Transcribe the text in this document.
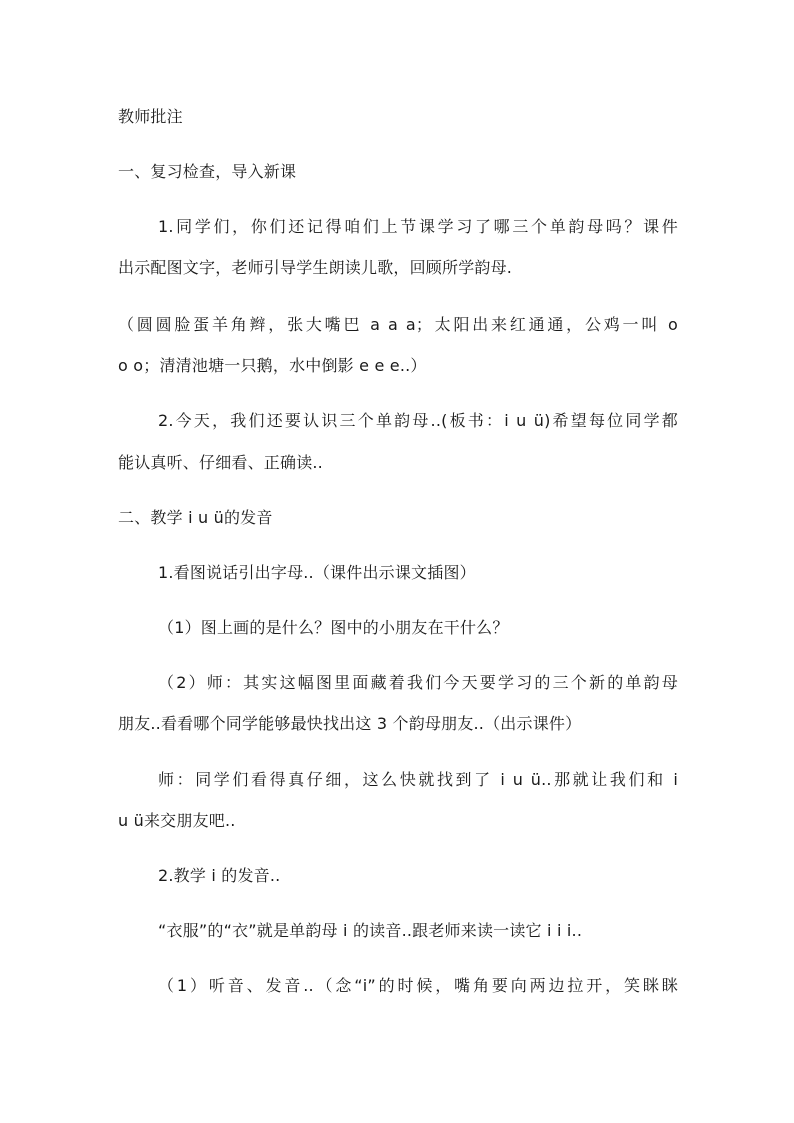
教师批注
一、复习检查，导入新课
1.同学们，你们还记得咱们上节课学习了哪三个单韵母吗？课件
出示配图文字，老师引导学生朗读儿歌，回顾所学韵母.
（圆圆脸蛋羊角辫，张大嘴巴 a a a；太阳出来红通通，公鸡一叫 o
o o；清清池塘一只鹅，水中倒影 e e e..）
2.今天，我们还要认识三个单韵母..(板书：i u ü)希望每位同学都
能认真听、仔细看、正确读..
二、教学 i u ü的发音
1.看图说话引出字母..（课件出示课文插图）
（1）图上画的是什么？图中的小朋友在干什么？
（2）师：其实这幅图里面藏着我们今天要学习的三个新的单韵母
朋友..看看哪个同学能够最快找出这 3 个韵母朋友..（出示课件）
师：同学们看得真仔细，这么快就找到了 i u ü..那就让我们和 i
u ü来交朋友吧..
2.教学 i 的发音..
“衣服”的“衣”就是单韵母 i 的读音..跟老师来读一读它 i i i..
（1）听音、发音..（念“i”的时候，嘴角要向两边拉开，笑眯眯
